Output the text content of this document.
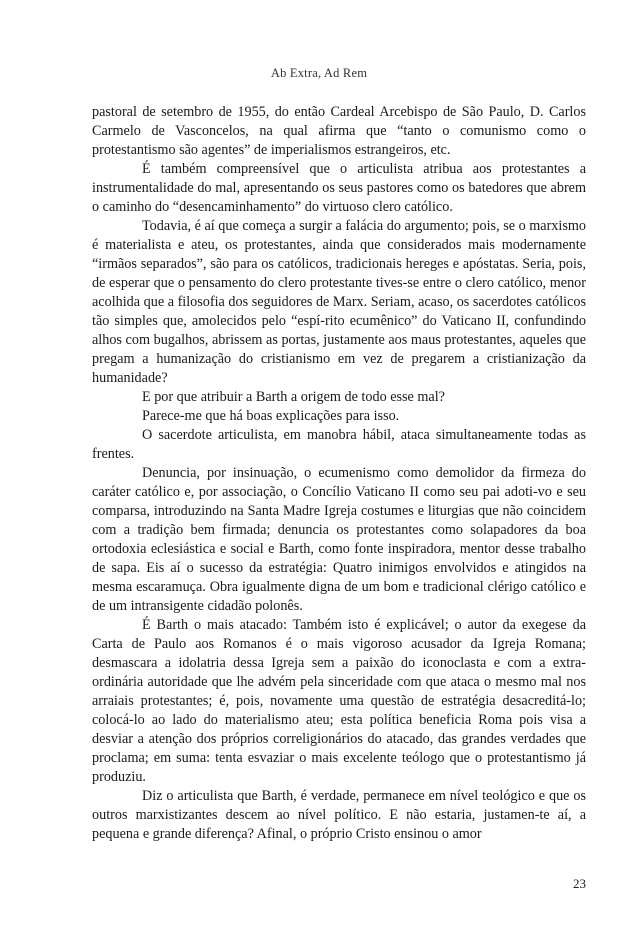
Ab Extra, Ad Rem

pastoral de setembro de 1955, do então Cardeal Arcebispo de São Paulo, D. Carlos Carmelo de Vasconcelos, na qual afirma que “tanto o comunismo como o protestantismo são agentes” de imperialismos estrangeiros, etc.

É também compreensível que o articulista atribua aos protestantes a instrumentalidade do mal, apresentando os seus pastores como os batedores que abrem o caminho do “desencaminhamento” do virtuoso clero católico.

Todavia, é aí que começa a surgir a falácia do argumento; pois, se o marxismo é materialista e ateu, os protestantes, ainda que considerados mais modernamente “irmãos separados”, são para os católicos, tradicionais hereges e apóstatas. Seria, pois, de esperar que o pensamento do clero protestante tives-se entre o clero católico, menor acolhida que a filosofia dos seguidores de Marx. Seriam, acaso, os sacerdotes católicos tão simples que, amolecidos pelo “espí-rito ecumênico” do Vaticano II, confundindo alhos com bugalhos, abrissem as portas, justamente aos maus protestantes, aqueles que pregam a humanização do cristianismo em vez de pregarem a cristianização da humanidade?

E por que atribuir a Barth a origem de todo esse mal?

Parece-me que há boas explicações para isso.

O sacerdote articulista, em manobra hábil, ataca simultaneamente todas as frentes.

Denuncia, por insinuação, o ecumenismo como demolidor da firmeza do caráter católico e, por associação, o Concílio Vaticano II como seu pai adoti-vo e seu comparsa, introduzindo na Santa Madre Igreja costumes e liturgias que não coincidem com a tradição bem firmada; denuncia os protestantes como solapadores da boa ortodoxia eclesiástica e social e Barth, como fonte inspiradora, mentor desse trabalho de sapa. Eis aí o sucesso da estratégia: Quatro inimigos envolvidos e atingidos na mesma escaramuça. Obra igualmente digna de um bom e tradicional clérigo católico e de um intransigente cidadão polonês.

É Barth o mais atacado: Também isto é explicável; o autor da exegese da Carta de Paulo aos Romanos é o mais vigoroso acusador da Igreja Romana; desmascara a idolatria dessa Igreja sem a paixão do iconoclasta e com a extra-ordinária autoridade que lhe advém pela sinceridade com que ataca o mesmo mal nos arraiais protestantes; é, pois, novamente uma questão de estratégia desacreditá-lo; colocá-lo ao lado do materialismo ateu; esta política beneficia Roma pois visa a desviar a atenção dos próprios correligionários do atacado, das grandes verdades que proclama; em suma: tenta esvaziar o mais excelente teólogo que o protestantismo já produziu.

Diz o articulista que Barth, é verdade, permanece em nível teológico e que os outros marxistizantes descem ao nível político. E não estaria, justamen-te aí, a pequena e grande diferença? Afinal, o próprio Cristo ensinou o amor

23
